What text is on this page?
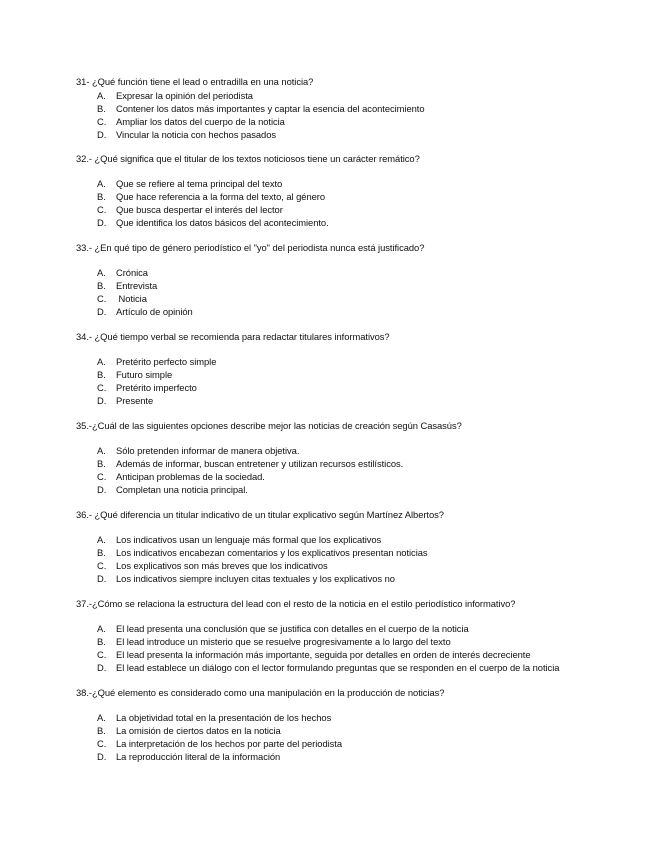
31- ¿Qué función tiene el lead o entradilla en una noticia?
A.	Expresar la opinión del periodista
B.	Contener los datos más importantes y captar la esencia del acontecimiento
C.	Ampliar los datos del cuerpo de la noticia
D.	Vincular la noticia con hechos pasados
32.- ¿Qué significa que el titular de los textos noticiosos tiene un carácter remático?
A.	Que se refiere al tema principal del texto
B.	Que hace referencia a la forma del texto, al género
C.	Que busca despertar el interés del lector
D.	Que identifica los datos básicos del acontecimiento.
33.- ¿En qué tipo de género periodístico el "yo" del periodista nunca está justificado?
A.	Crónica
B.	Entrevista
C.	Noticia
D.	Artículo de opinión
34.- ¿Qué tiempo verbal se recomienda para redactar titulares informativos?
A.	Pretérito perfecto simple
B.	Futuro simple
C.	Pretérito imperfecto
D.	Presente
35.-¿Cuál de las siguientes opciones describe mejor las noticias de creación según Casasús?
A.	Sólo pretenden informar de manera objetiva.
B.	Además de informar, buscan entretener y utilizan recursos estilísticos.
C.	Anticipan problemas de la sociedad.
D.	Completan una noticia principal.
36.- ¿Qué diferencia un titular indicativo de un titular explicativo según Martínez Albertos?
A.	Los indicativos usan un lenguaje más formal que los explicativos
B.	Los indicativos encabezan comentarios y los explicativos presentan noticias
C.	Los explicativos son más breves que los indicativos
D.	Los indicativos siempre incluyen citas textuales y los explicativos no
37.-¿Cómo se relaciona la estructura del lead con el resto de la noticia en el estilo periodístico informativo?
A.	El lead presenta una conclusión que se justifica con detalles en el cuerpo de la noticia
B.	El lead introduce un misterio que se resuelve progresivamente a lo largo del texto
C.	El lead presenta la información más importante, seguida por detalles en orden de interés decreciente
D.	El lead establece un diálogo con el lector formulando preguntas que se responden en el cuerpo de la noticia
38.-¿Qué elemento es considerado como una manipulación en la producción de noticias?
A.	La objetividad total en la presentación de los hechos
B.	La omisión de ciertos datos en la noticia
C.	La interpretación de los hechos por parte del periodista
D.	La reproducción literal de la información
